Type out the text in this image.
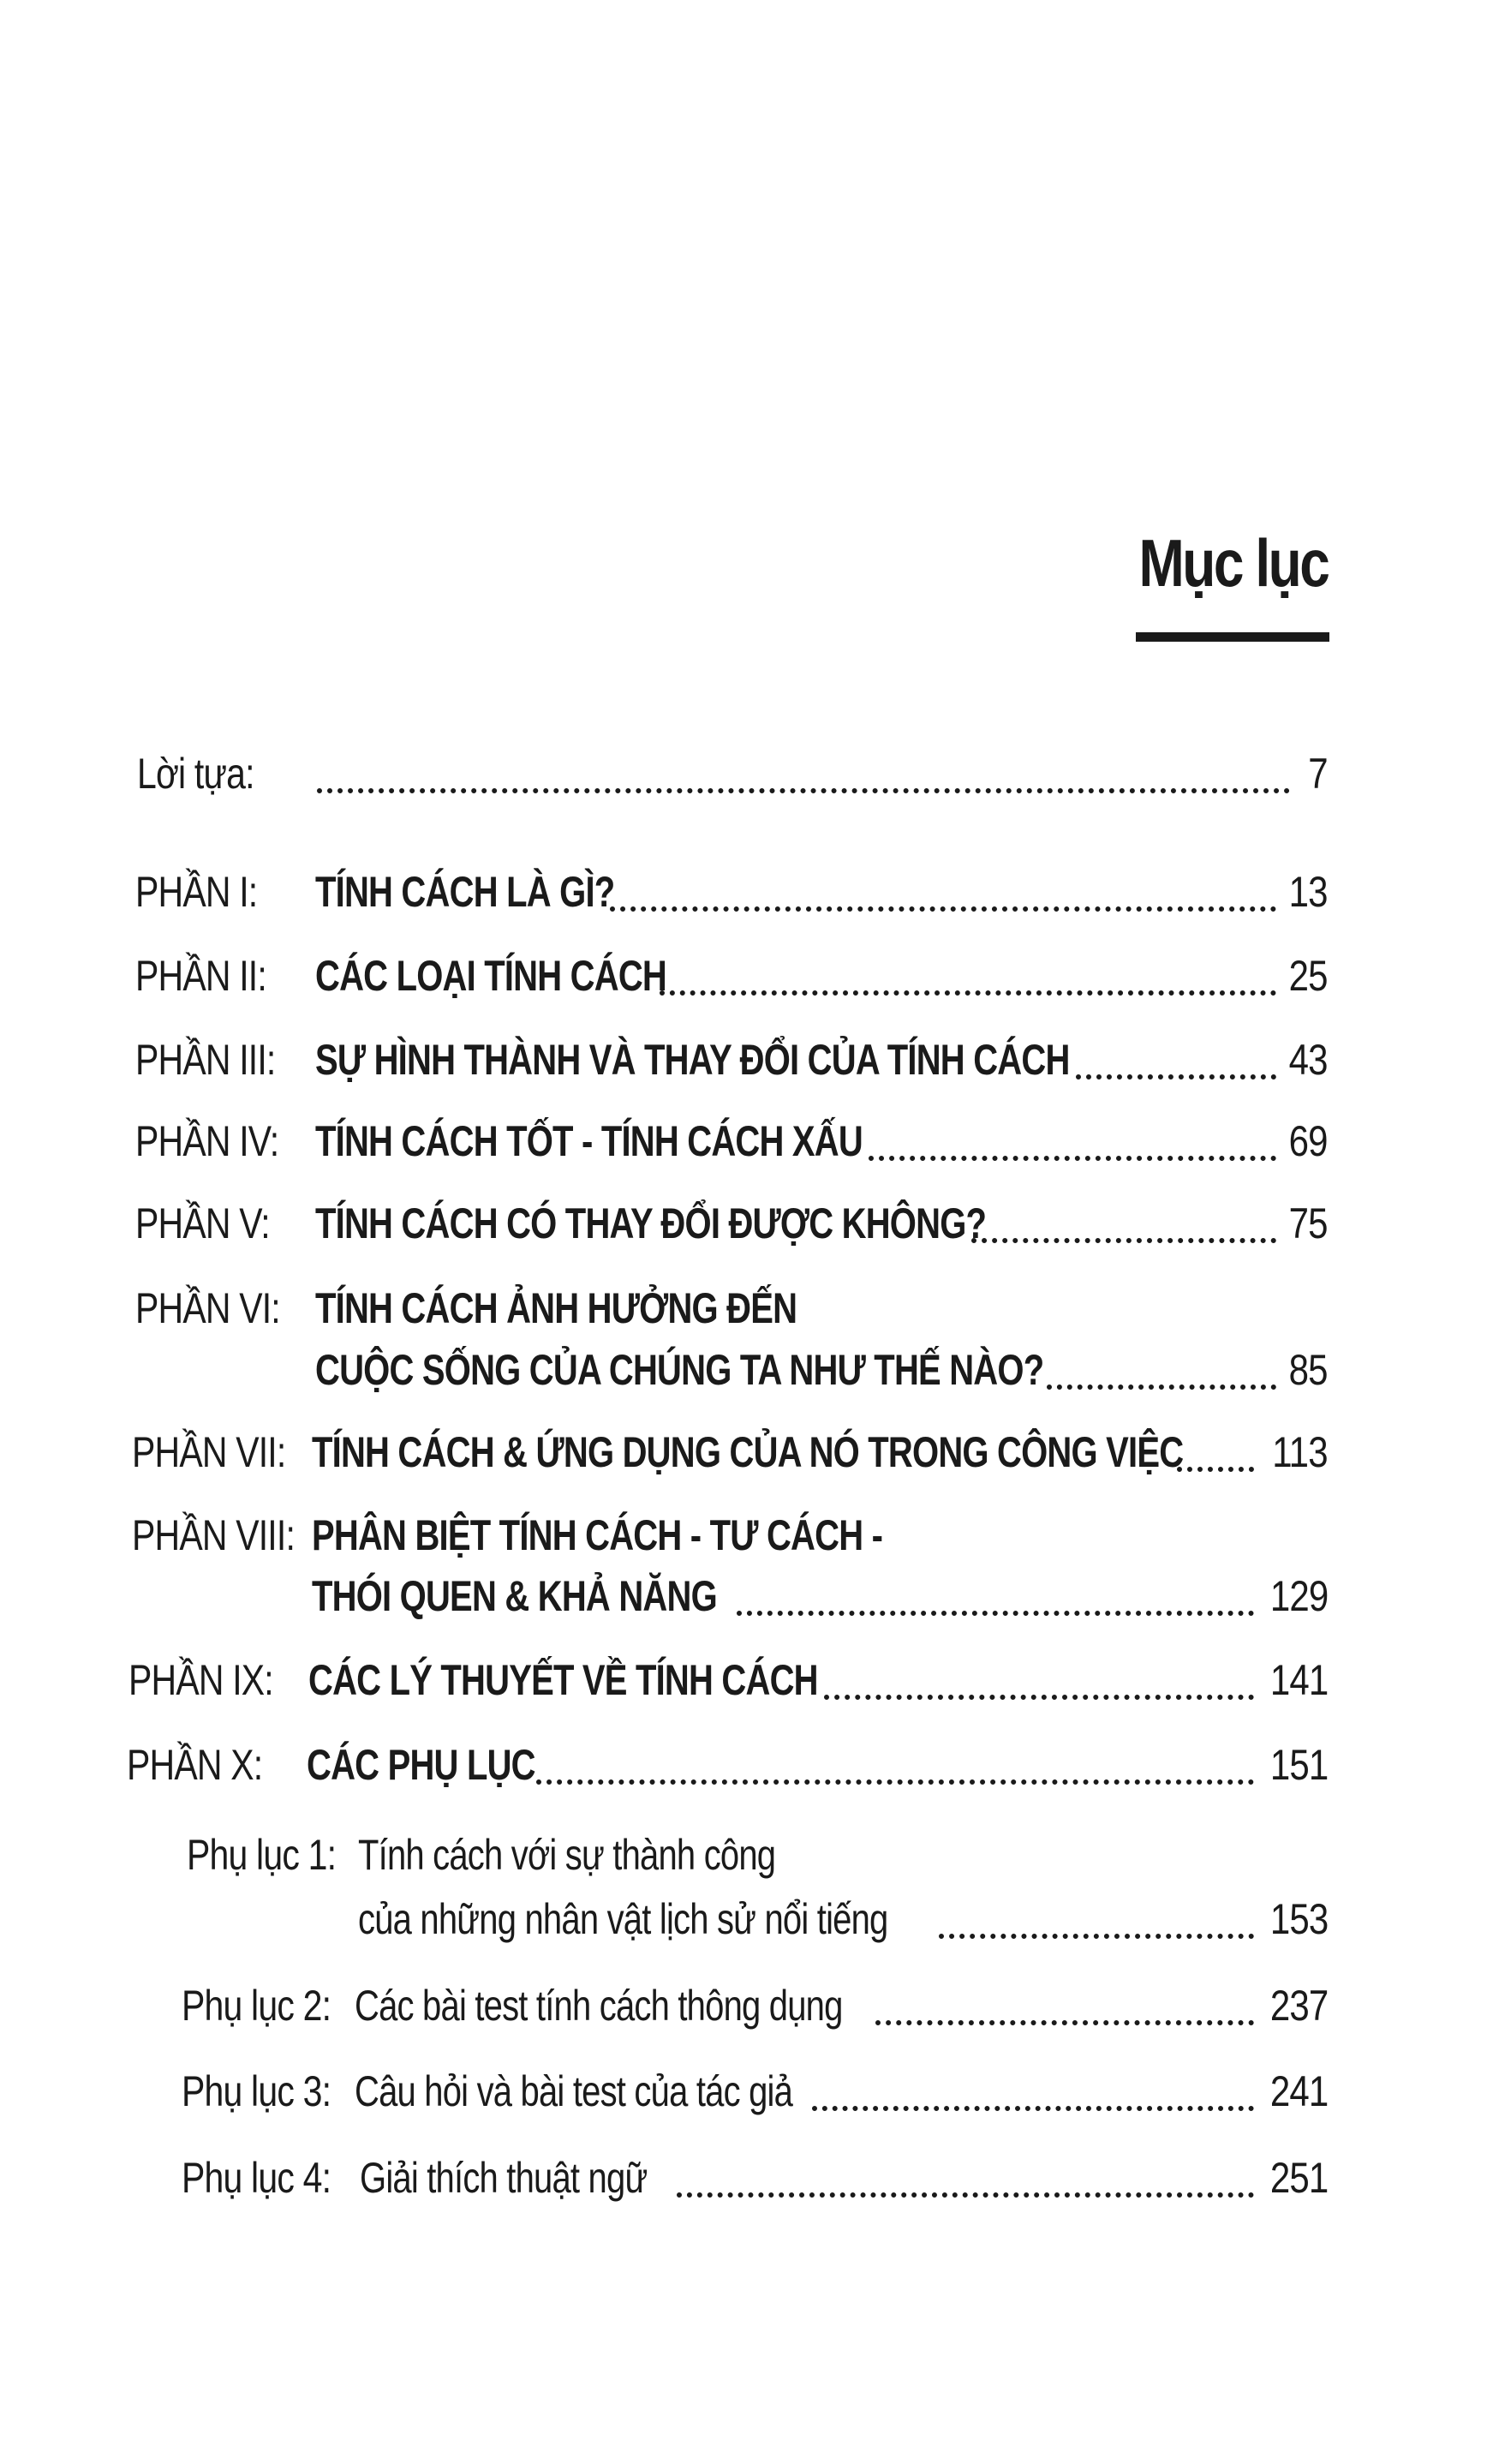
Mục lục
Lời tựa:	7
PHẦN I: TÍNH CÁCH LÀ GÌ?	13
PHẦN II: CÁC LOẠI TÍNH CÁCH	25
PHẦN III: SỰ HÌNH THÀNH VÀ THAY ĐỔI CỦA TÍNH CÁCH	43
PHẦN IV: TÍNH CÁCH TỐT - TÍNH CÁCH XẤU	69
PHẦN V: TÍNH CÁCH CÓ THAY ĐỔI ĐƯỢC KHÔNG?	75
PHẦN VI: TÍNH CÁCH ẢNH HƯỞNG ĐẾN
CUỘC SỐNG CỦA CHÚNG TA NHƯ THẾ NÀO?	85
PHẦN VII: TÍNH CÁCH & ỨNG DỤNG CỦA NÓ TRONG CÔNG VIỆC 113
PHẦN VIII: PHÂN BIỆT TÍNH CÁCH - TƯ CÁCH -
THÓI QUEN & KHẢ NĂNG	129
PHẦN IX: CÁC LÝ THUYẾT VỀ TÍNH CÁCH	141
PHẦN X: CÁC PHỤ LỤC	151
Phụ lục 1: Tính cách với sự thành công
của những nhân vật lịch sử nổi tiếng	153
Phụ lục 2: Các bài test tính cách thông dụng	237
Phụ lục 3: Câu hỏi và bài test của tác giả	241
Phụ lục 4: Giải thích thuật ngữ	251
